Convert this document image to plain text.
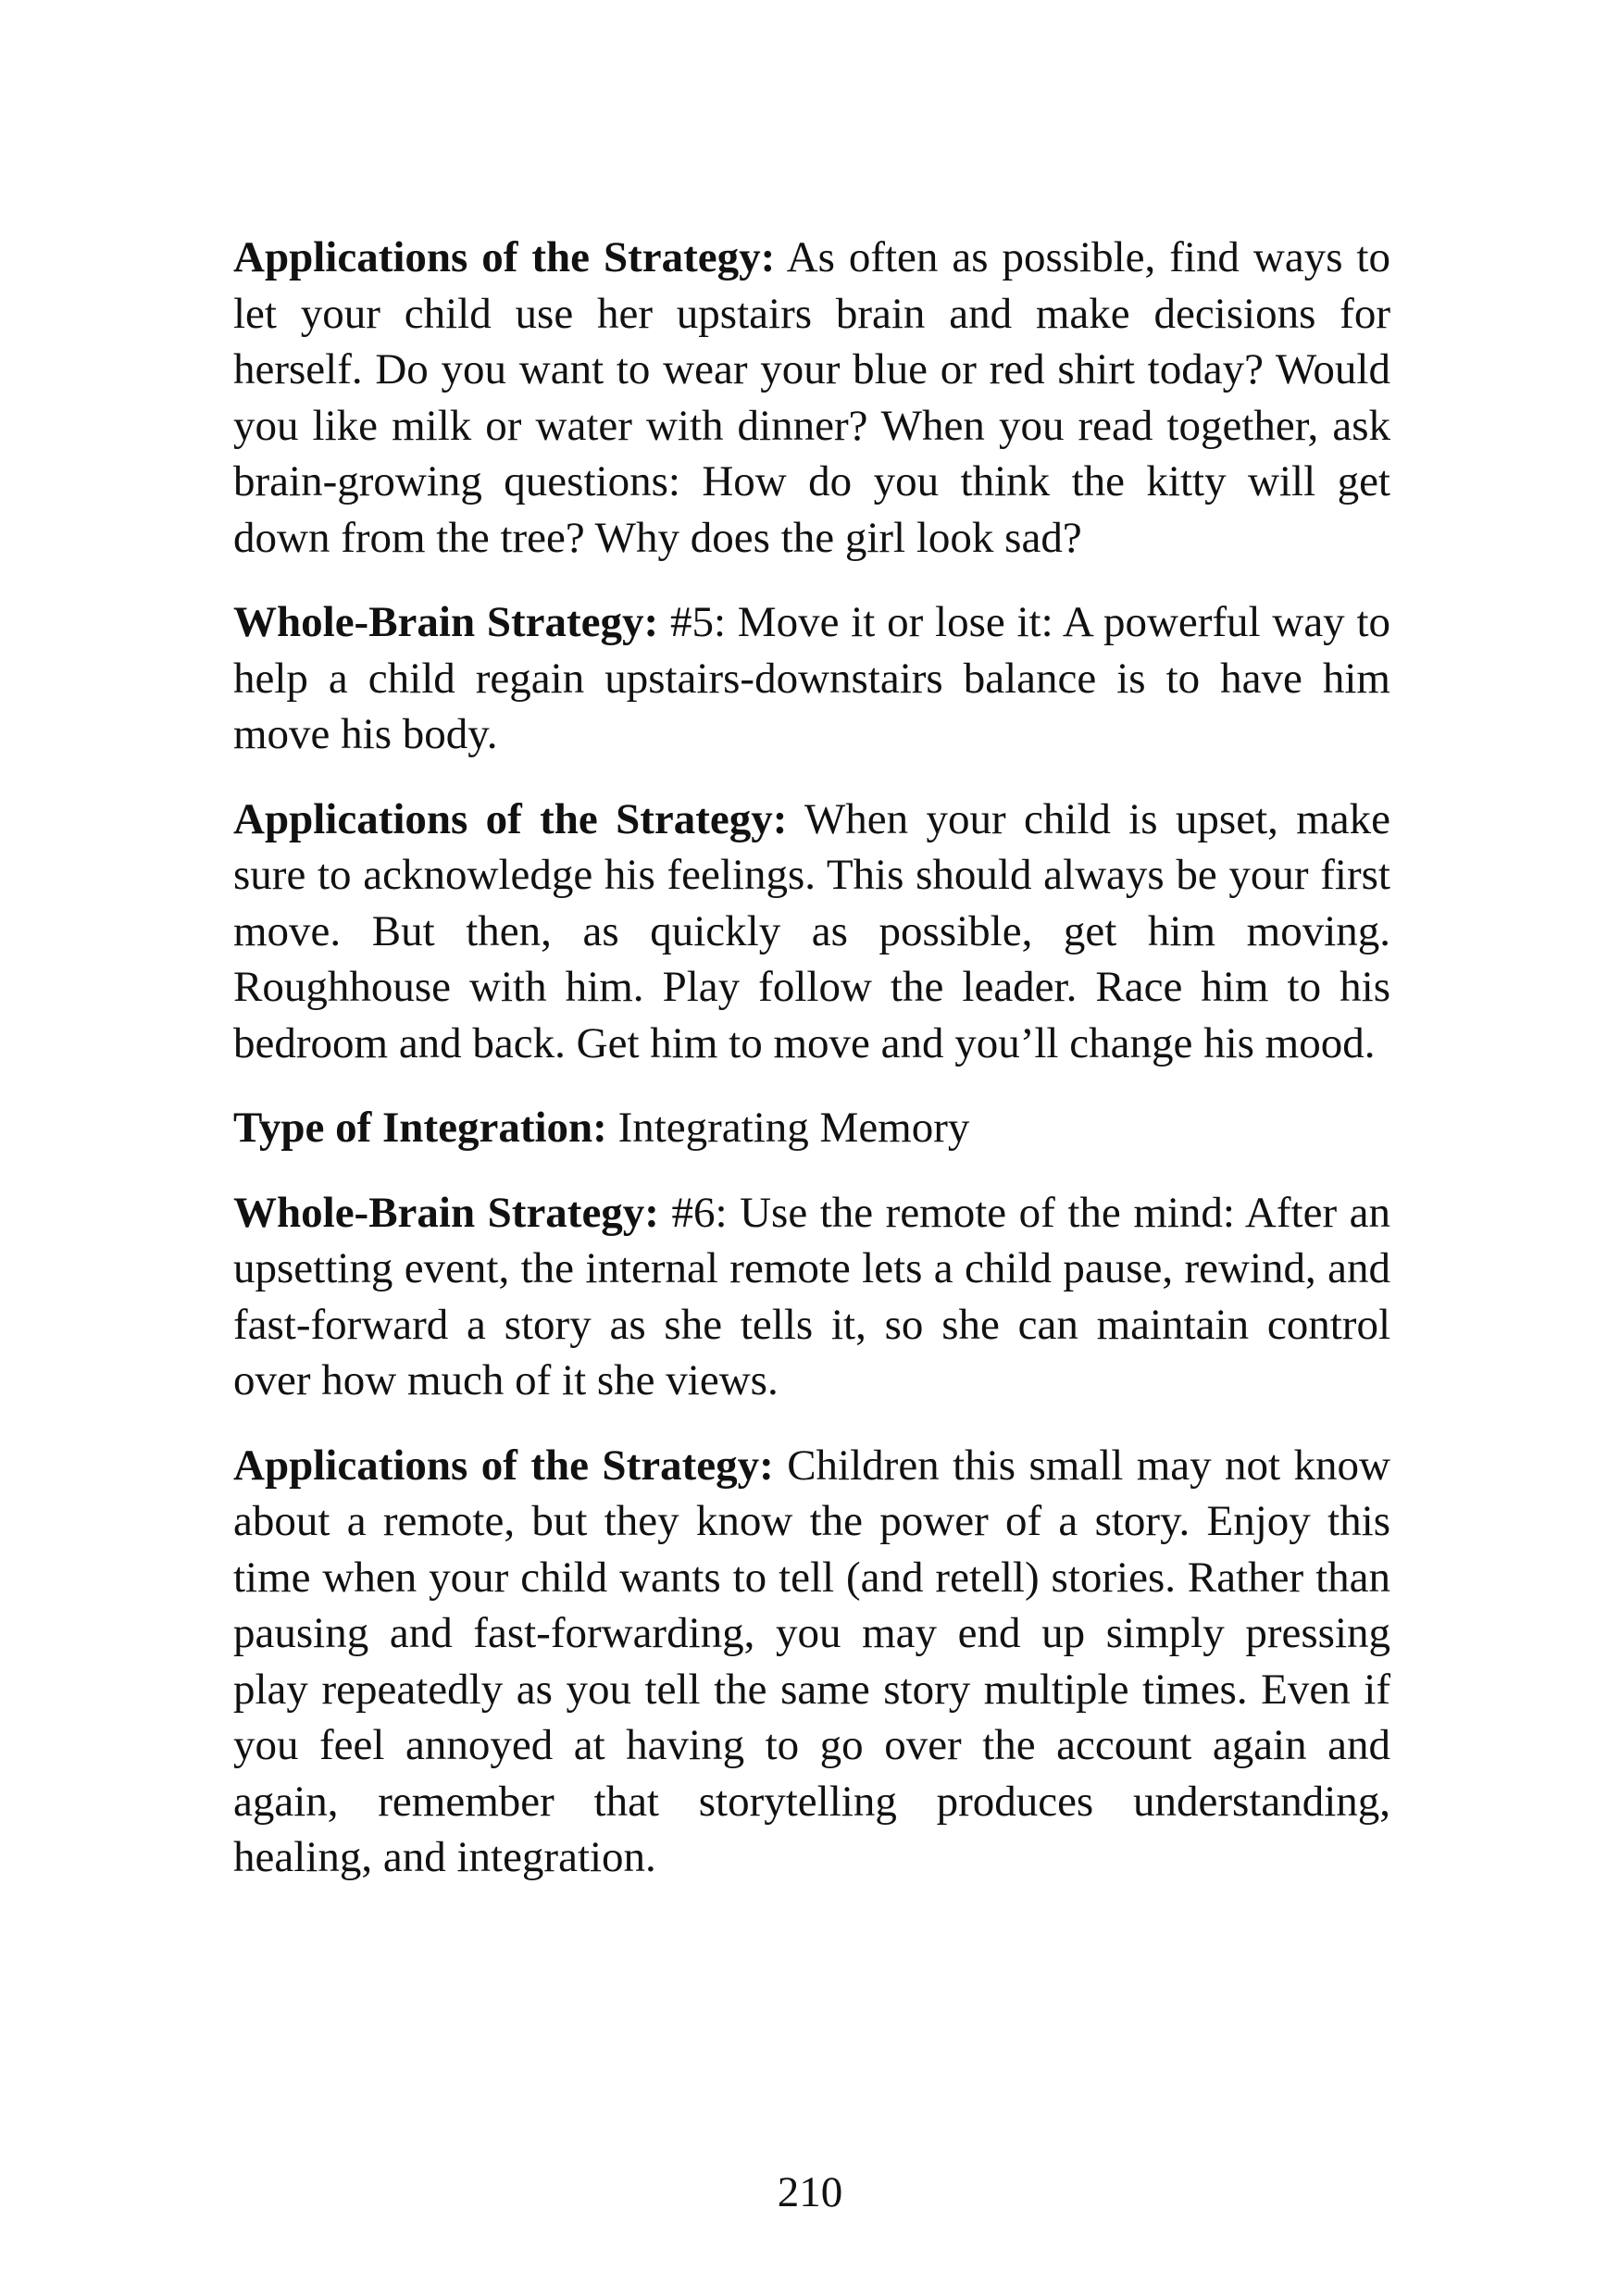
Applications of the Strategy: As often as possible, find ways to let your child use her upstairs brain and make decisions for herself. Do you want to wear your blue or red shirt today? Would you like milk or water with dinner? When you read together, ask brain-growing questions: How do you think the kitty will get down from the tree? Why does the girl look sad?

Whole-Brain Strategy: #5: Move it or lose it: A powerful way to help a child regain upstairs-downstairs balance is to have him move his body.

Applications of the Strategy: When your child is upset, make sure to acknowledge his feelings. This should always be your first move. But then, as quickly as possible, get him moving. Roughhouse with him. Play follow the leader. Race him to his bedroom and back. Get him to move and you’ll change his mood.

Type of Integration: Integrating Memory

Whole-Brain Strategy: #6: Use the remote of the mind: After an upsetting event, the internal remote lets a child pause, rewind, and fast-forward a story as she tells it, so she can maintain control over how much of it she views.

Applications of the Strategy: Children this small may not know about a remote, but they know the power of a story. Enjoy this time when your child wants to tell (and retell) stories. Rather than pausing and fast-forwarding, you may end up simply pressing play repeatedly as you tell the same story multiple times. Even if you feel annoyed at having to go over the account again and again, remember that storytelling produces understanding, healing, and integration.

210
